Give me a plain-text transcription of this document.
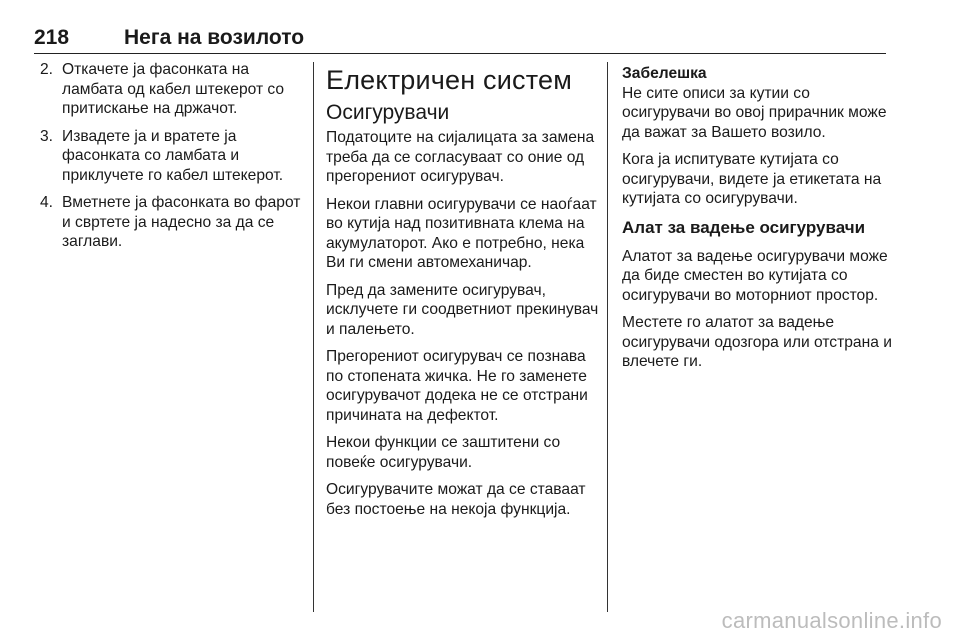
218	Нега на возилото
2. Откачете ја фасонката на ламбата од кабел штекерот со притискање на држачот.
3. Извадете ја и вратете ја фасонката со ламбата и приклучете го кабел штекерот.
4. Вметнете ја фасонката во фарот и свртете ја надесно за да се заглави.
Електричен систем
Осигурувачи

Податоците на сијалицата за замена треба да се согласуваат со оние од прегорениот осигурувач.

Некои главни осигурувачи се наоѓаат во кутија над позитивната клема на акумулаторот. Ако е потребно, нека Ви ги смени автомеханичар.

Пред да замените осигурувач, исклучете ги соодветниот прекинувач и палењето.

Прегорениот осигурувач се познава по стопената жичка. Не го заменете осигурувачот додека не се отстрани причината на дефектот.

Некои функции се заштитени со повеќе осигурувачи.

Осигурувачите можат да се ставаат без постоење на некоја функција.

Забелешка
Не сите описи за кутии со осигурувачи во овој прирачник може да важат за Вашето возило.

Кога ја испитувате кутијата со осигурувачи, видете ја етикетата на кутијата со осигурувачи.

Алат за вадење осигурувачи

Алатот за вадење осигурувачи може да биде сместен во кутијата со осигурувачи во моторниот простор.

Местете го алатот за вадење осигурувачи одозгора или отстрана и влечете ги.

carmanualsonline.info
